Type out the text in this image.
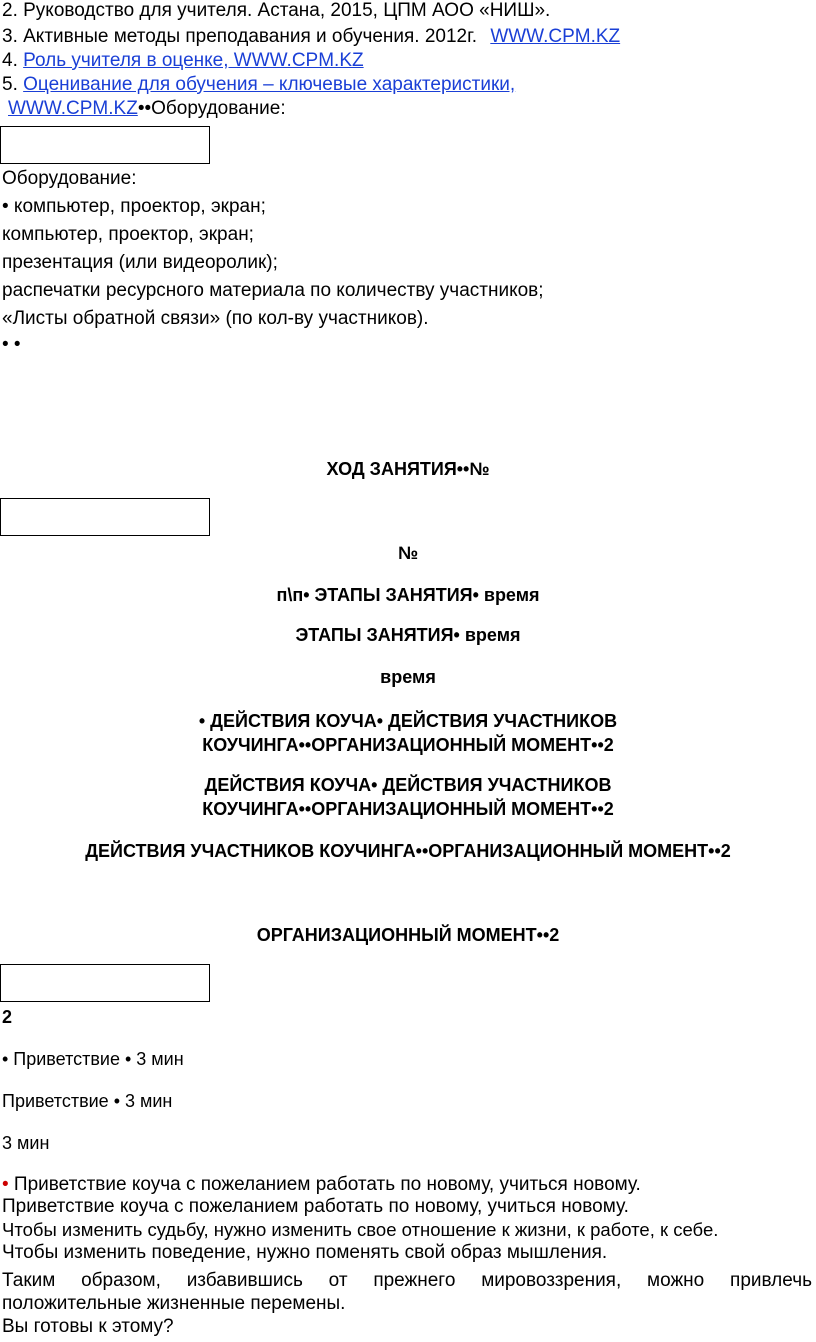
2. Руководство для учителя. Астана, 2015, ЦПМ АОО «НИШ».
3. Активные методы преподавания и обучения. 2012г. WWW.CPM.KZ
4. Роль учителя в оценке, WWW.CPM.KZ
5. Оценивание для обучения – ключевые характеристики,
WWW.CPM.KZ••Оборудование:
Оборудование:
• компьютер, проектор, экран;
компьютер, проектор, экран;
презентация (или видеоролик);
распечатки ресурсного материала по количеству участников;
«Листы обратной связи» (по кол-ву участников).
• •
ХОД ЗАНЯТИЯ••№
№
п\п• ЭТАПЫ ЗАНЯТИЯ• время
ЭТАПЫ ЗАНЯТИЯ• время
время
• ДЕЙСТВИЯ КОУЧА• ДЕЙСТВИЯ УЧАСТНИКОВ
КОУЧИНГА••ОРГАНИЗАЦИОННЫЙ МОМЕНТ••2
ДЕЙСТВИЯ КОУЧА• ДЕЙСТВИЯ УЧАСТНИКОВ
КОУЧИНГА••ОРГАНИЗАЦИОННЫЙ МОМЕНТ••2
ДЕЙСТВИЯ УЧАСТНИКОВ КОУЧИНГА••ОРГАНИЗАЦИОННЫЙ МОМЕНТ••2
ОРГАНИЗАЦИОННЫЙ МОМЕНТ••2
2
• Приветствие • 3 мин
Приветствие • 3 мин
3 мин
• Приветствие коуча с пожеланием работать по новому, учиться новому.
Приветствие коуча с пожеланием работать по новому, учиться новому.
Чтобы изменить судьбу, нужно изменить свое отношение к жизни, к работе, к себе.
Чтобы изменить поведение, нужно поменять свой образ мышления.
Таким образом, избавившись от прежнего мировоззрения, можно привлечь
положительные жизненные перемены.
Вы готовы к этому?
